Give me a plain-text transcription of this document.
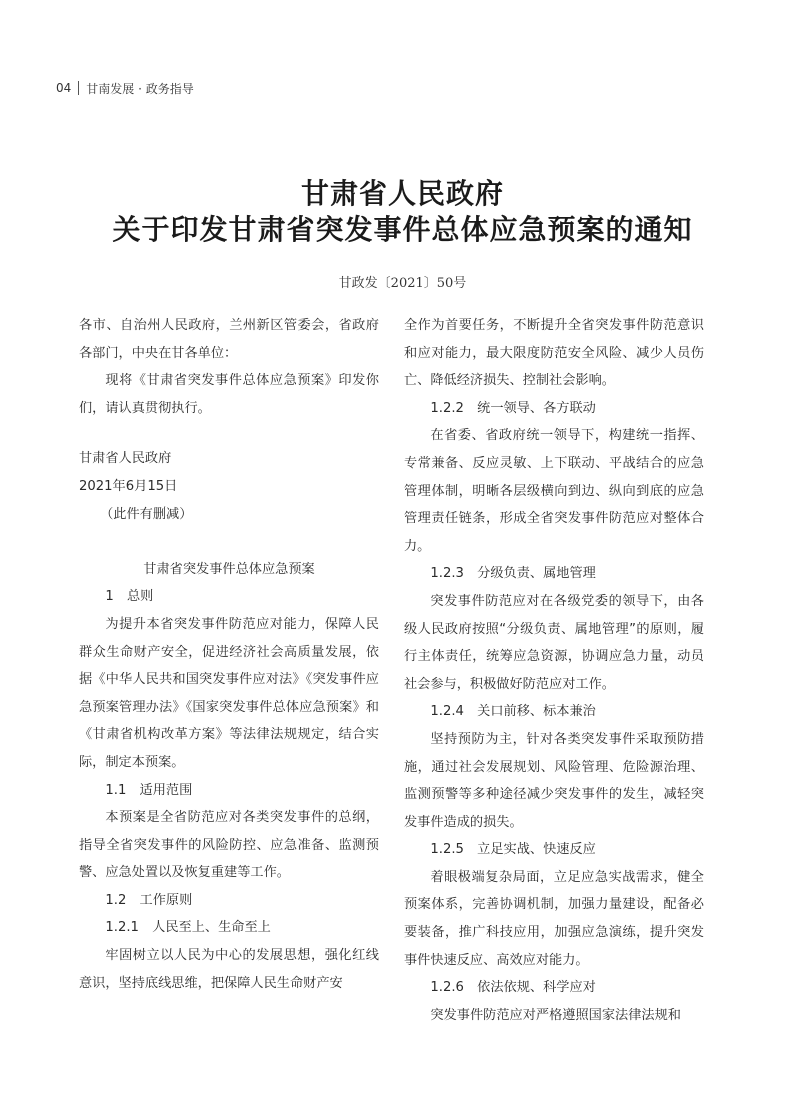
04 甘南发展 · 政务指导
甘肃省人民政府
关于印发甘肃省突发事件总体应急预案的通知
甘政发〔2021〕50号

各市、自治州人民政府，兰州新区管委会，省政府各部门，中央在甘各单位：

现将《甘肃省突发事件总体应急预案》印发你们，请认真贯彻执行。

甘肃省人民政府

2021年6月15日

（此件有删减）

甘肃省突发事件总体应急预案

1　总则

为提升本省突发事件防范应对能力，保障人民群众生命财产安全，促进经济社会高质量发展，依据《中华人民共和国突发事件应对法》《突发事件应急预案管理办法》《国家突发事件总体应急预案》和《甘肃省机构改革方案》等法律法规规定，结合实际，制定本预案。

1.1　适用范围

本预案是全省防范应对各类突发事件的总纲，指导全省突发事件的风险防控、应急准备、监测预警、应急处置以及恢复重建等工作。

1.2　工作原则

1.2.1　人民至上、生命至上

牢固树立以人民为中心的发展思想，强化红线意识，坚持底线思维，把保障人民生命财产安

全作为首要任务，不断提升全省突发事件防范意识和应对能力，最大限度防范安全风险、减少人员伤亡、降低经济损失、控制社会影响。

1.2.2　统一领导、各方联动

在省委、省政府统一领导下，构建统一指挥、专常兼备、反应灵敏、上下联动、平战结合的应急管理体制，明晰各层级横向到边、纵向到底的应急管理责任链条，形成全省突发事件防范应对整体合力。

1.2.3　分级负责、属地管理

突发事件防范应对在各级党委的领导下，由各级人民政府按照“分级负责、属地管理”的原则，履行主体责任，统筹应急资源，协调应急力量，动员社会参与，积极做好防范应对工作。

1.2.4　关口前移、标本兼治

坚持预防为主，针对各类突发事件采取预防措施，通过社会发展规划、风险管理、危险源治理、监测预警等多种途径减少突发事件的发生，减轻突发事件造成的损失。

1.2.5　立足实战、快速反应

着眼极端复杂局面，立足应急实战需求，健全预案体系，完善协调机制，加强力量建设，配备必要装备，推广科技应用，加强应急演练，提升突发事件快速反应、高效应对能力。

1.2.6　依法依规、科学应对

突发事件防范应对严格遵照国家法律法规和
